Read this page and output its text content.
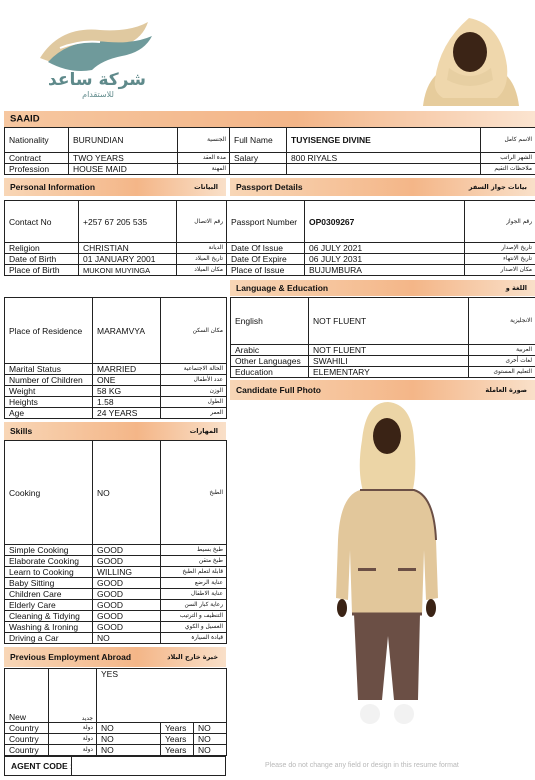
شركة ساعد
للاستقدام
SAAID
Nationality	BURUNDIAN	الجنسية	Full Name	TUYISENGE DIVINE	الاسم كامل
Contract	TWO YEARS	مدة العقد	Salary	800 RIYALS	الشهر الراتب
Profession	HOUSE MAID	المهنة			ملاحظات التقيم
Personal Information	البيانات Passport Details	بيانات جواز السفر
Contact No	+257 67 205 535	رقم الاتصال	Passport Number	OP0309267	رقم الجواز
Religion	CHRISTIAN	الديانة	Date Of Issue	06 JULY 2021	تاريخ الإصدار
Date of Birth	01 JANUARY 2001	تاريخ الميلاد	Date Of Expire	06 JULY 2031	تاريخ الانتهاء
Place of Birth	MUKONI MUYINGA	مكان الميلاد	Place of Issue	BUJUMBURA	مكان الاصدار
Language & Education	اللغة و
Place of Residence	MARAMVYA	مكان السكن
Marital Status	MARRIED	الحالة الاجتماعية
Number of Children	ONE	عدد الأطفال
Weight	58 KG	الوزن
Heights	1.58	الطول
Age	24 YEARS	العمر
English	NOT FLUENT	الانجليزية
Arabic	NOT FLUENT	العربية
Other Languages	SWAHILI	لغات أخرى
Education	ELEMENTARY	التعليم المستوى
Candidate Full Photo	صورة العاملة
Skills	المهارات
Cooking	NO	الطبخ
Simple Cooking	GOOD	طبخ بسيط
Elaborate Cooking	GOOD	طبخ متقن
Learn to Cooking	WILLING	قابلة لتعلم الطبخ
Baby Sitting	GOOD	عناية الرضع
Children Care	GOOD	عناية الاطفال
Elderly Care	GOOD	رعاية كبار السن
Cleaning & Tidying	GOOD	التنظيف و الترتيب
Washing & Ironing	GOOD	الغسيل و الكوي
Driving a Car	NO	قيادة السيارة
Previous Employment Abroad	خبرة خارج البلاد
New	جديد	YES		
Country	دولة	NO	Years	NO
Country	دولة	NO	Years	NO
Country	دولة	NO	Years	NO
AGENT CODE :	Please do not change any field or design in this resume format
